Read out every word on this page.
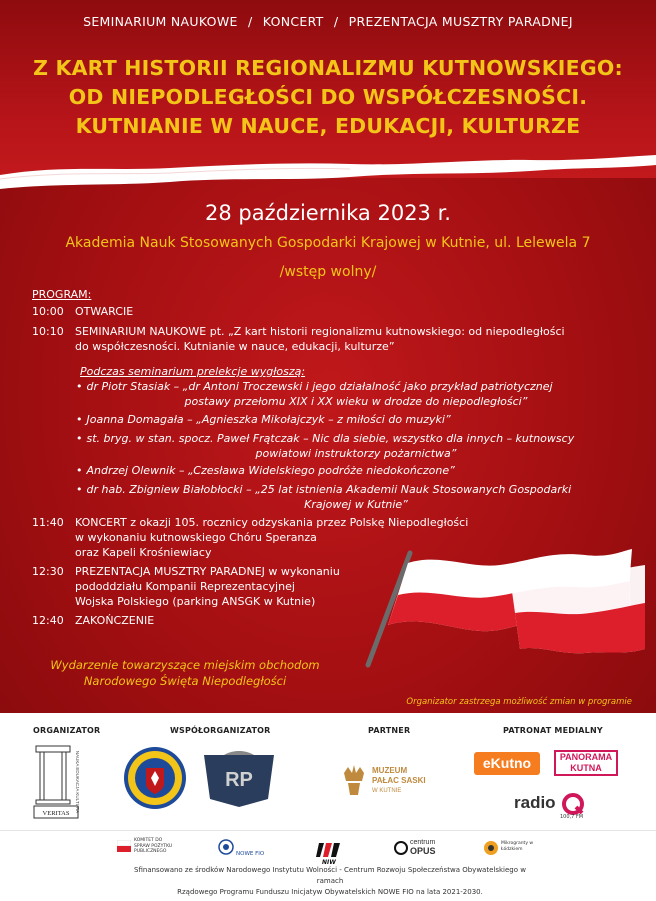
SEMINARIUM NAUKOWE / KONCERT / PREZENTACJA MUSZTRY PARADNEJ
Z KART HISTORII REGIONALIZMU KUTNOWSKIEGO:
OD NIEPODLEGŁOŚCI DO WSPÓŁCZESNOŚCI.
KUTNIANIE W NAUCE, EDUKACJI, KULTURZE
28 października 2023 r.
Akademia Nauk Stosowanych Gospodarki Krajowej w Kutnie, ul. Lelewela 7
/wstęp wolny/
PROGRAM:
10:00 OTWARCIE
10:10 SEMINARIUM NAUKOWE pt. „Z kart historii regionalizmu kutnowskiego: od niepodległości
do współczesności. Kutnianie w nauce, edukacji, kulturze”
Podczas seminarium prelekcje wygłoszą:
• dr Piotr Stasiak – „dr Antoni Troczewski i jego działalność jako przykład patriotycznej
postawy przełomu XIX i XX wieku w drodze do niepodległości”
• Joanna Domagała – „Agnieszka Mikołajczyk – z miłości do muzyki”
• st. bryg. w stan. spocz. Paweł Frątczak – Nic dla siebie, wszystko dla innych – kutnowscy
powiatowi instruktorzy pożarnictwa”
• Andrzej Olewnik – „Czesława Widelskiego podróże niedokończone”
• dr hab. Zbigniew Białobłocki – „25 lat istnienia Akademii Nauk Stosowanych Gospodarki
Krajowej w Kutnie”
11:40 KONCERT z okazji 105. rocznicy odzyskania przez Polskę Niepodległości
w wykonaniu kutnowskiego Chóru Speranza
oraz Kapeli Krośniewiacy
12:30 PREZENTACJA MUSZTRY PARADNEJ w wykonaniu
pododdziału Kompanii Reprezentacyjnej
Wojska Polskiego (parking ANSGK w Kutnie)
12:40 ZAKOŃCZENIE
Wydarzenie towarzyszące miejskim obchodom
Narodowego Święta Niepodległości
Organizator zastrzega możliwość zmian w programie
ORGANIZATOR	WSPÓŁORGANIZATOR	PARTNER	PATRONAT MEDIALNY
VERITAS
NAUKA EDUKACJA KULTURA	RP	MUZEUM
PAŁAC SASKI
W KUTNIE
eKutno	PANORAMA
KUTNA
radio
100,7 FM
KOMITET DO SPRAW POŻYTKU PUBLICZNEGO	NOWE FIO
NIW
centrum
OPUS
Mikrogranty w Łódzkiem
Sfinansowano ze środków Narodowego Instytutu Wolności - Centrum Rozwoju Społeczeństwa Obywatelskiego w ramach
Rządowego Programu Funduszu Inicjatyw Obywatelskich NOWE FIO na lata 2021-2030.
